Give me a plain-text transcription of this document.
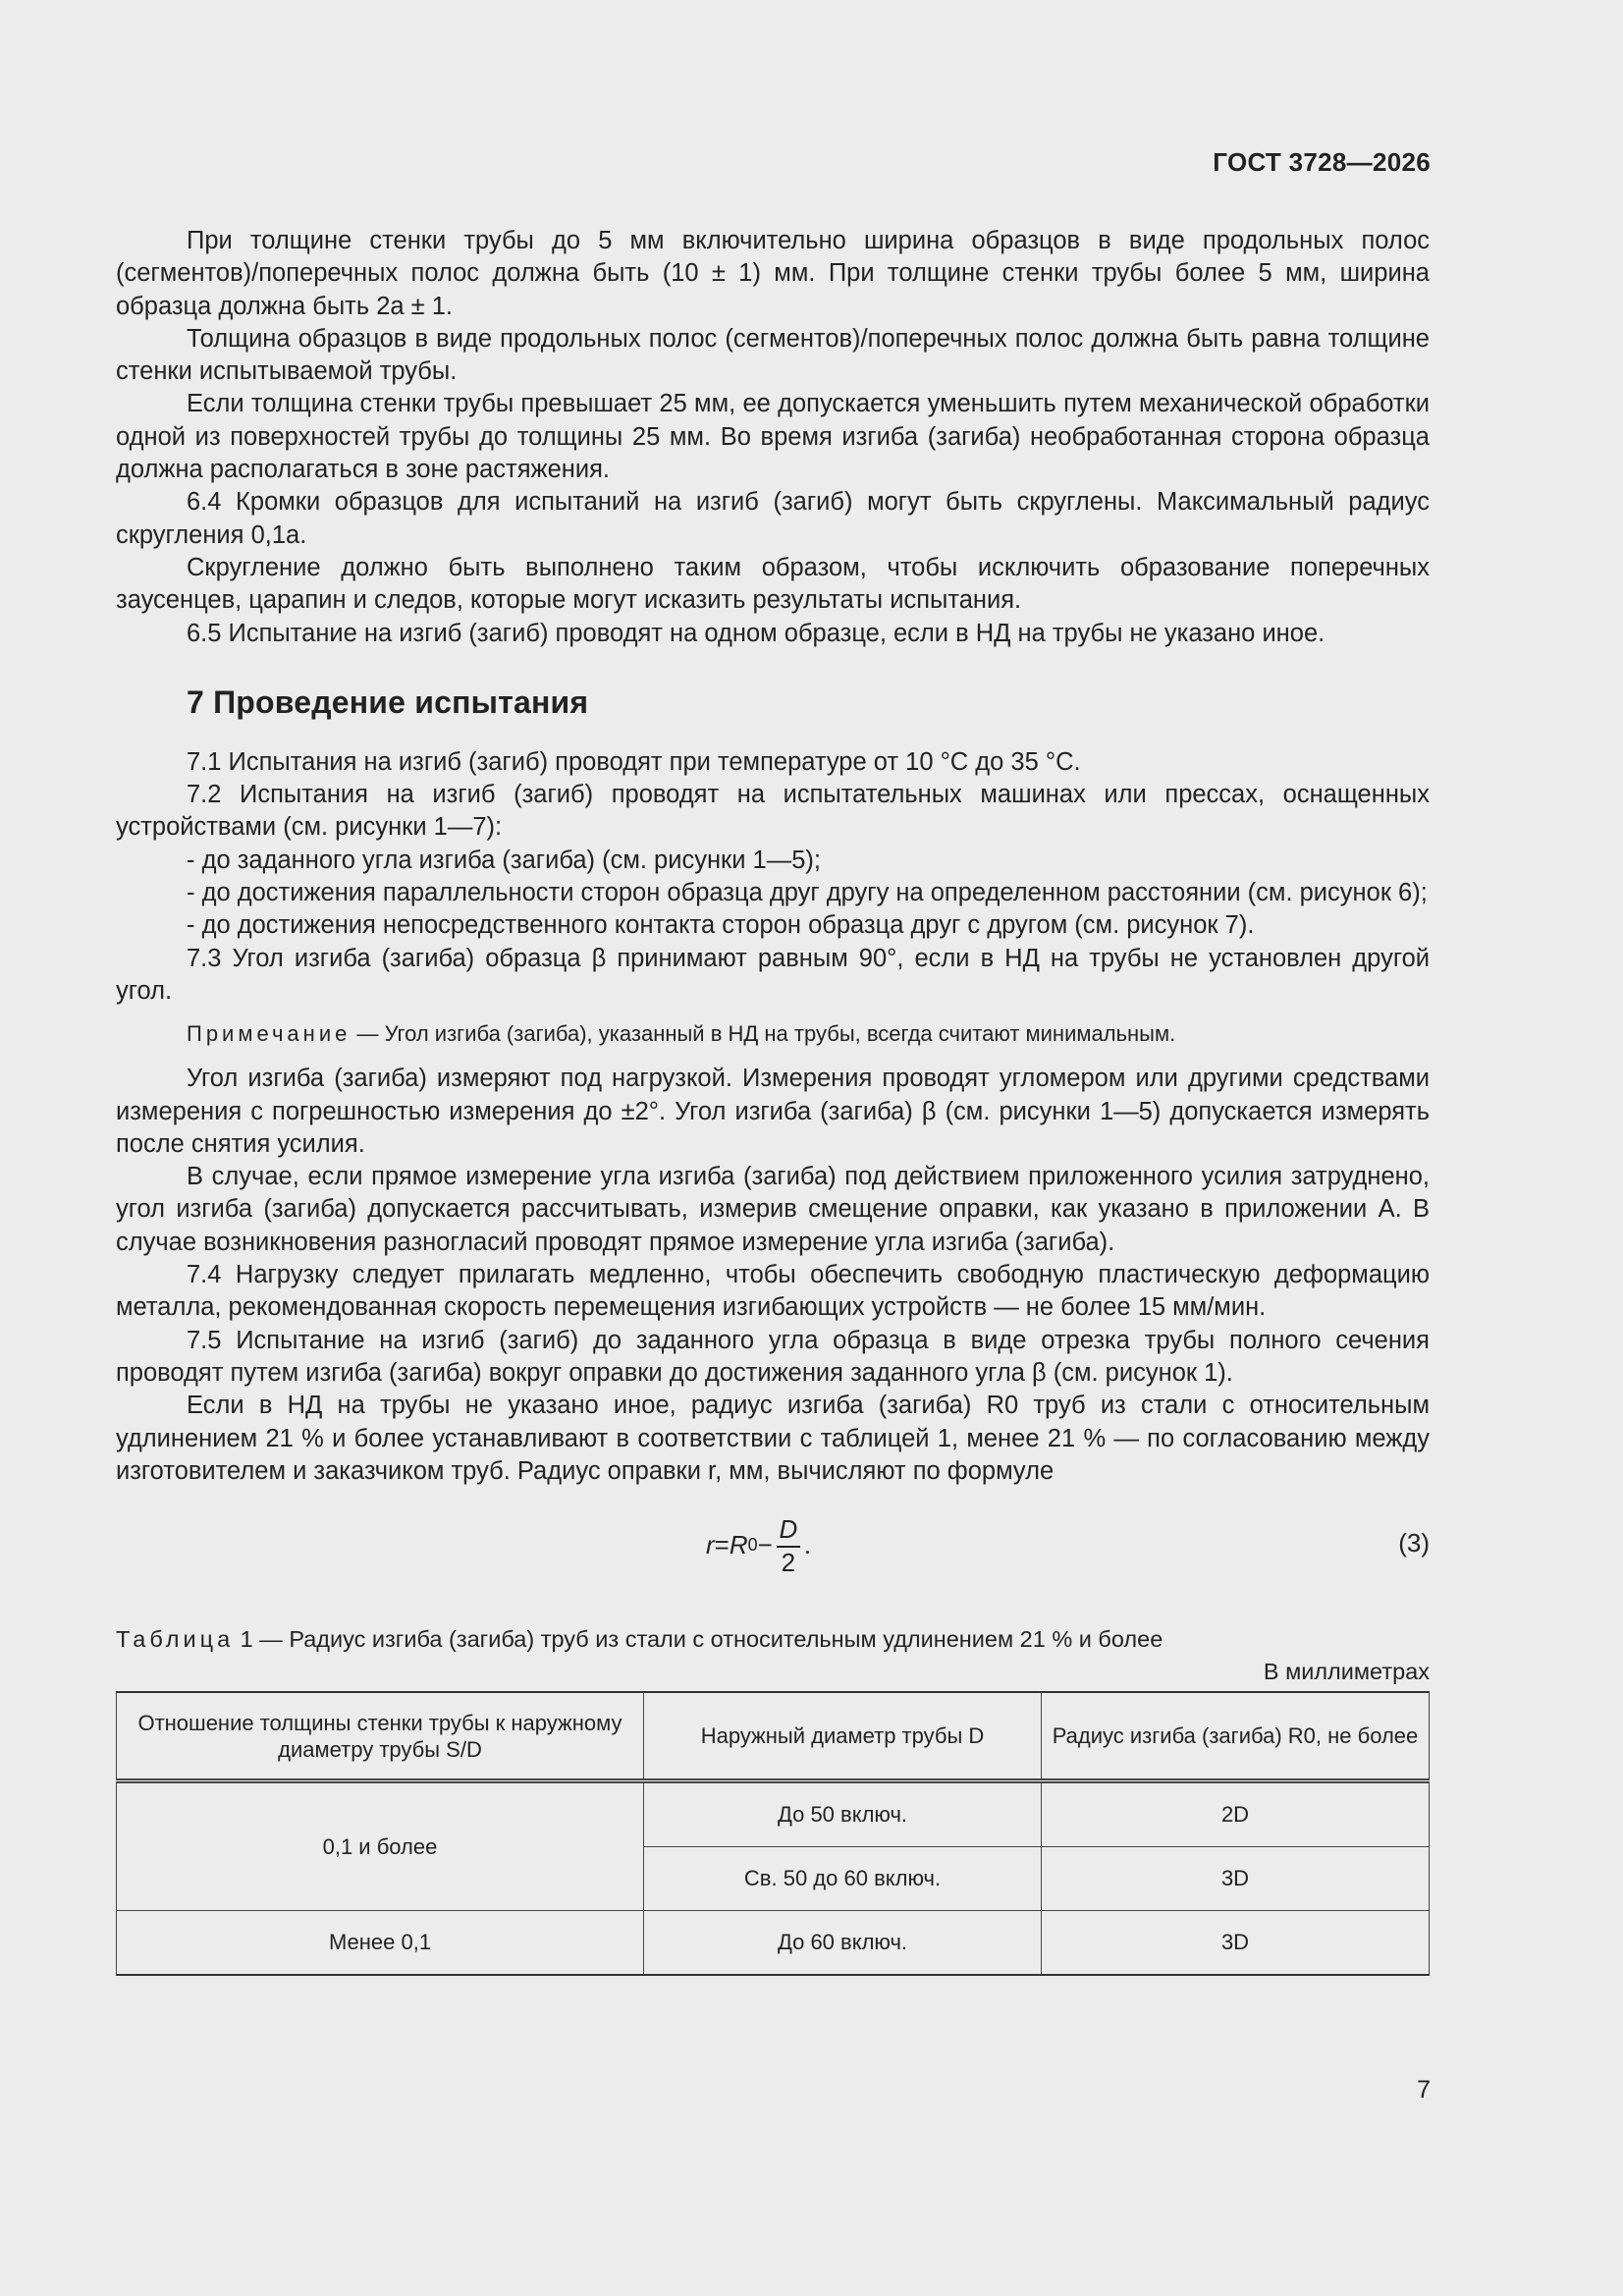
ГОСТ 3728—2026

При толщине стенки трубы до 5 мм включительно ширина образцов в виде продольных полос (сегментов)/поперечных полос должна быть (10 ± 1) мм. При толщине стенки трубы более 5 мм, ширина образца должна быть 2a ± 1.

Толщина образцов в виде продольных полос (сегментов)/поперечных полос должна быть равна толщине стенки испытываемой трубы.

Если толщина стенки трубы превышает 25 мм, ее допускается уменьшить путем механической обработки одной из поверхностей трубы до толщины 25 мм. Во время изгиба (загиба) необработанная сторона образца должна располагаться в зоне растяжения.

6.4 Кромки образцов для испытаний на изгиб (загиб) могут быть скруглены. Максимальный радиус скругления 0,1a.

Скругление должно быть выполнено таким образом, чтобы исключить образование поперечных заусенцев, царапин и следов, которые могут исказить результаты испытания.

6.5 Испытание на изгиб (загиб) проводят на одном образце, если в НД на трубы не указано иное.

7 Проведение испытания

7.1 Испытания на изгиб (загиб) проводят при температуре от 10 °С до 35 °С.

7.2 Испытания на изгиб (загиб) проводят на испытательных машинах или прессах, оснащенных устройствами (см. рисунки 1—7):

- до заданного угла изгиба (загиба) (см. рисунки 1—5);

- до достижения параллельности сторон образца друг другу на определенном расстоянии (см. рисунок 6);

- до достижения непосредственного контакта сторон образца друг с другом (см. рисунок 7).

7.3 Угол изгиба (загиба) образца β принимают равным 90°, если в НД на трубы не установлен другой угол.

Примечание — Угол изгиба (загиба), указанный в НД на трубы, всегда считают минимальным.

Угол изгиба (загиба) измеряют под нагрузкой. Измерения проводят угломером или другими средствами измерения с погрешностью измерения до ±2°. Угол изгиба (загиба) β (см. рисунки 1—5) допускается измерять после снятия усилия.

В случае, если прямое измерение угла изгиба (загиба) под действием приложенного усилия затруднено, угол изгиба (загиба) допускается рассчитывать, измерив смещение оправки, как указано в приложении А. В случае возникновения разногласий проводят прямое измерение угла изгиба (загиба).

7.4 Нагрузку следует прилагать медленно, чтобы обеспечить свободную пластическую деформацию металла, рекомендованная скорость перемещения изгибающих устройств — не более 15 мм/мин.

7.5 Испытание на изгиб (загиб) до заданного угла образца в виде отрезка трубы полного сечения проводят путем изгиба (загиба) вокруг оправки до достижения заданного угла β (см. рисунок 1).

Если в НД на трубы не указано иное, радиус изгиба (загиба) R0 труб из стали с относительным удлинением 21 % и более устанавливают в соответствии с таблицей 1, менее 21 % — по согласованию между изготовителем и заказчиком труб. Радиус оправки r, мм, вычисляют по формуле

r = R $0 - \frac{D}{2}$ .	(3)
Таблица 1 — Радиус изгиба (загиба) труб из стали с относительным удлинением 21 % и более
В миллиметрах
Отношение толщины стенки трубы к наружному диаметру трубы S/D	Наружный диаметр трубы D	Радиус изгиба (загиба) R0, не более
0,1 и более	До 50 включ.	2D
	Св. 50 до 60 включ.	3D
Менее 0,1	До 60 включ.	3D
7
